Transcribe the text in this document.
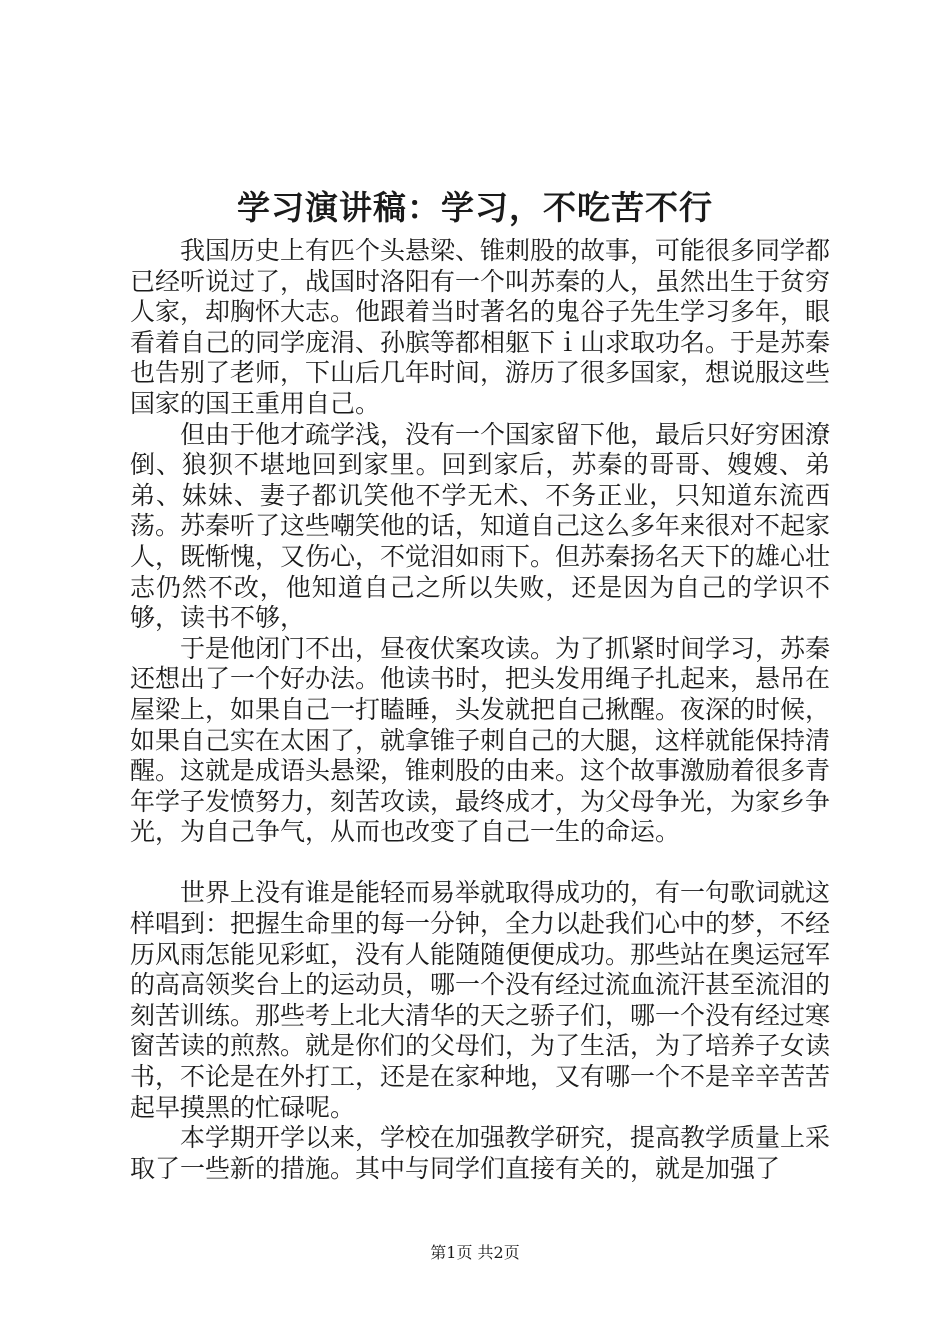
学习演讲稿：学习，不吃苦不行

我国历史上有匹个头悬梁、锥刺股的故事，可能很多同学都已经听说过了，战国时洛阳有一个叫苏秦的人，虽然出生于贫穷人家，却胸怀大志。他跟着当时著名的鬼谷子先生学习多年，眼看着自己的同学庞涓、孙膑等都相躯下ｉ山求取功名。于是苏秦也告别了老师，下山后几年时间，游历了很多国家，想说服这些国家的国王重用自己。

但由于他才疏学浅，没有一个国家留下他，最后只好穷困潦倒、狼狈不堪地回到家里。回到家后，苏秦的哥哥、嫂嫂、弟弟、妹妹、妻子都讥笑他不学无术、不务正业，只知道东流西荡。苏秦听了这些嘲笑他的话，知道自己这么多年来很对不起家人，既惭愧，又伤心，不觉泪如雨下。但苏秦扬名天下的雄心壮志仍然不改，他知道自己之所以失败，还是因为自己的学识不够，读书不够，

于是他闭门不出，昼夜伏案攻读。为了抓紧时间学习，苏秦还想出了一个好办法。他读书时，把头发用绳子扎起来，悬吊在屋梁上，如果自己一打瞌睡，头发就把自己揪醒。夜深的时候，如果自己实在太困了，就拿锥子刺自己的大腿，这样就能保持清醒。这就是成语头悬梁，锥刺股的由来。这个故事激励着很多青年学子发愤努力，刻苦攻读，最终成才，为父母争光，为家乡争光，为自己争气，从而也改变了自己一生的命运。

世界上没有谁是能轻而易举就取得成功的，有一句歌词就这样唱到：把握生命里的每一分钟，全力以赴我们心中的梦，不经历风雨怎能见彩虹，没有人能随随便便成功。那些站在奥运冠军的高高领奖台上的运动员，哪一个没有经过流血流汗甚至流泪的刻苦训练。那些考上北大清华的天之骄子们，哪一个没有经过寒窗苦读的煎熬。就是你们的父母们，为了生活，为了培养子女读书，不论是在外打工，还是在家种地，又有哪一个不是辛辛苦苦起早摸黑的忙碌呢。

本学期开学以来，学校在加强教学研究，提高教学质量上采取了一些新的措施。其中与同学们直接有关的，就是加强了

第1页 共2页
